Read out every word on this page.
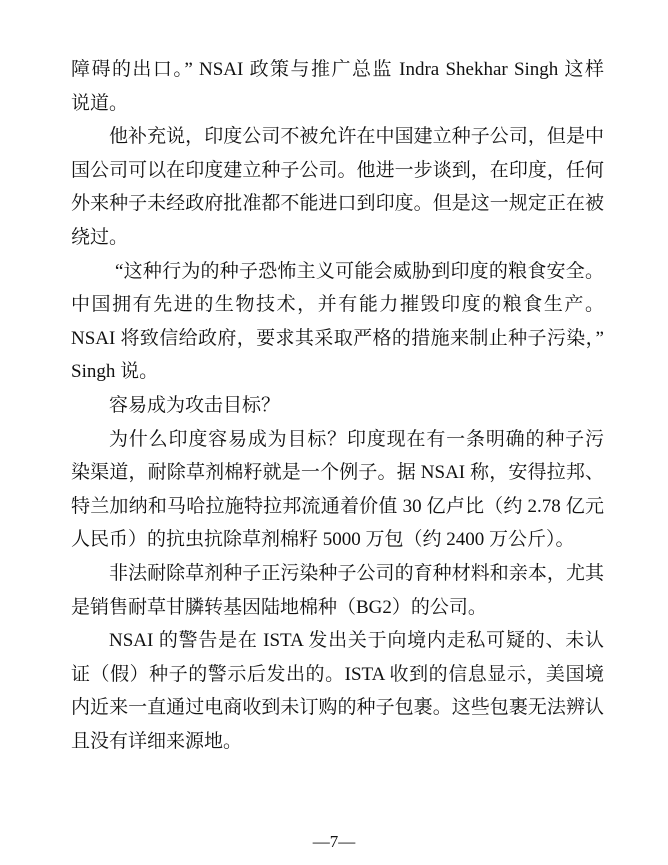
障碍的出口。” NSAI 政策与推广总监 Indra Shekhar Singh 这样
说道。
他补充说，印度公司不被允许在中国建立种子公司，但是中
国公司可以在印度建立种子公司。他进一步谈到，在印度，任何
外来种子未经政府批准都不能进口到印度。但是这一规定正在被
绕过。
“这种行为的种子恐怖主义可能会威胁到印度的粮食安全。
中国拥有先进的生物技术，并有能力摧毁印度的粮食生产。
NSAI 将致信给政府，要求其采取严格的措施来制止种子污染，”
Singh 说。
容易成为攻击目标？
为什么印度容易成为目标？印度现在有一条明确的种子污
染渠道，耐除草剂棉籽就是一个例子。据 NSAI 称，安得拉邦、
特兰加纳和马哈拉施特拉邦流通着价值 30 亿卢比（约 2.78 亿元
人民币）的抗虫抗除草剂棉籽 5000 万包（约 2400 万公斤）。
非法耐除草剂种子正污染种子公司的育种材料和亲本，尤其
是销售耐草甘膦转基因陆地棉种（BG2）的公司。
NSAI 的警告是在 ISTA 发出关于向境内走私可疑的、未认
证（假）种子的警示后发出的。ISTA 收到的信息显示，美国境
内近来一直通过电商收到未订购的种子包裹。这些包裹无法辨认
且没有详细来源地。
—7—
